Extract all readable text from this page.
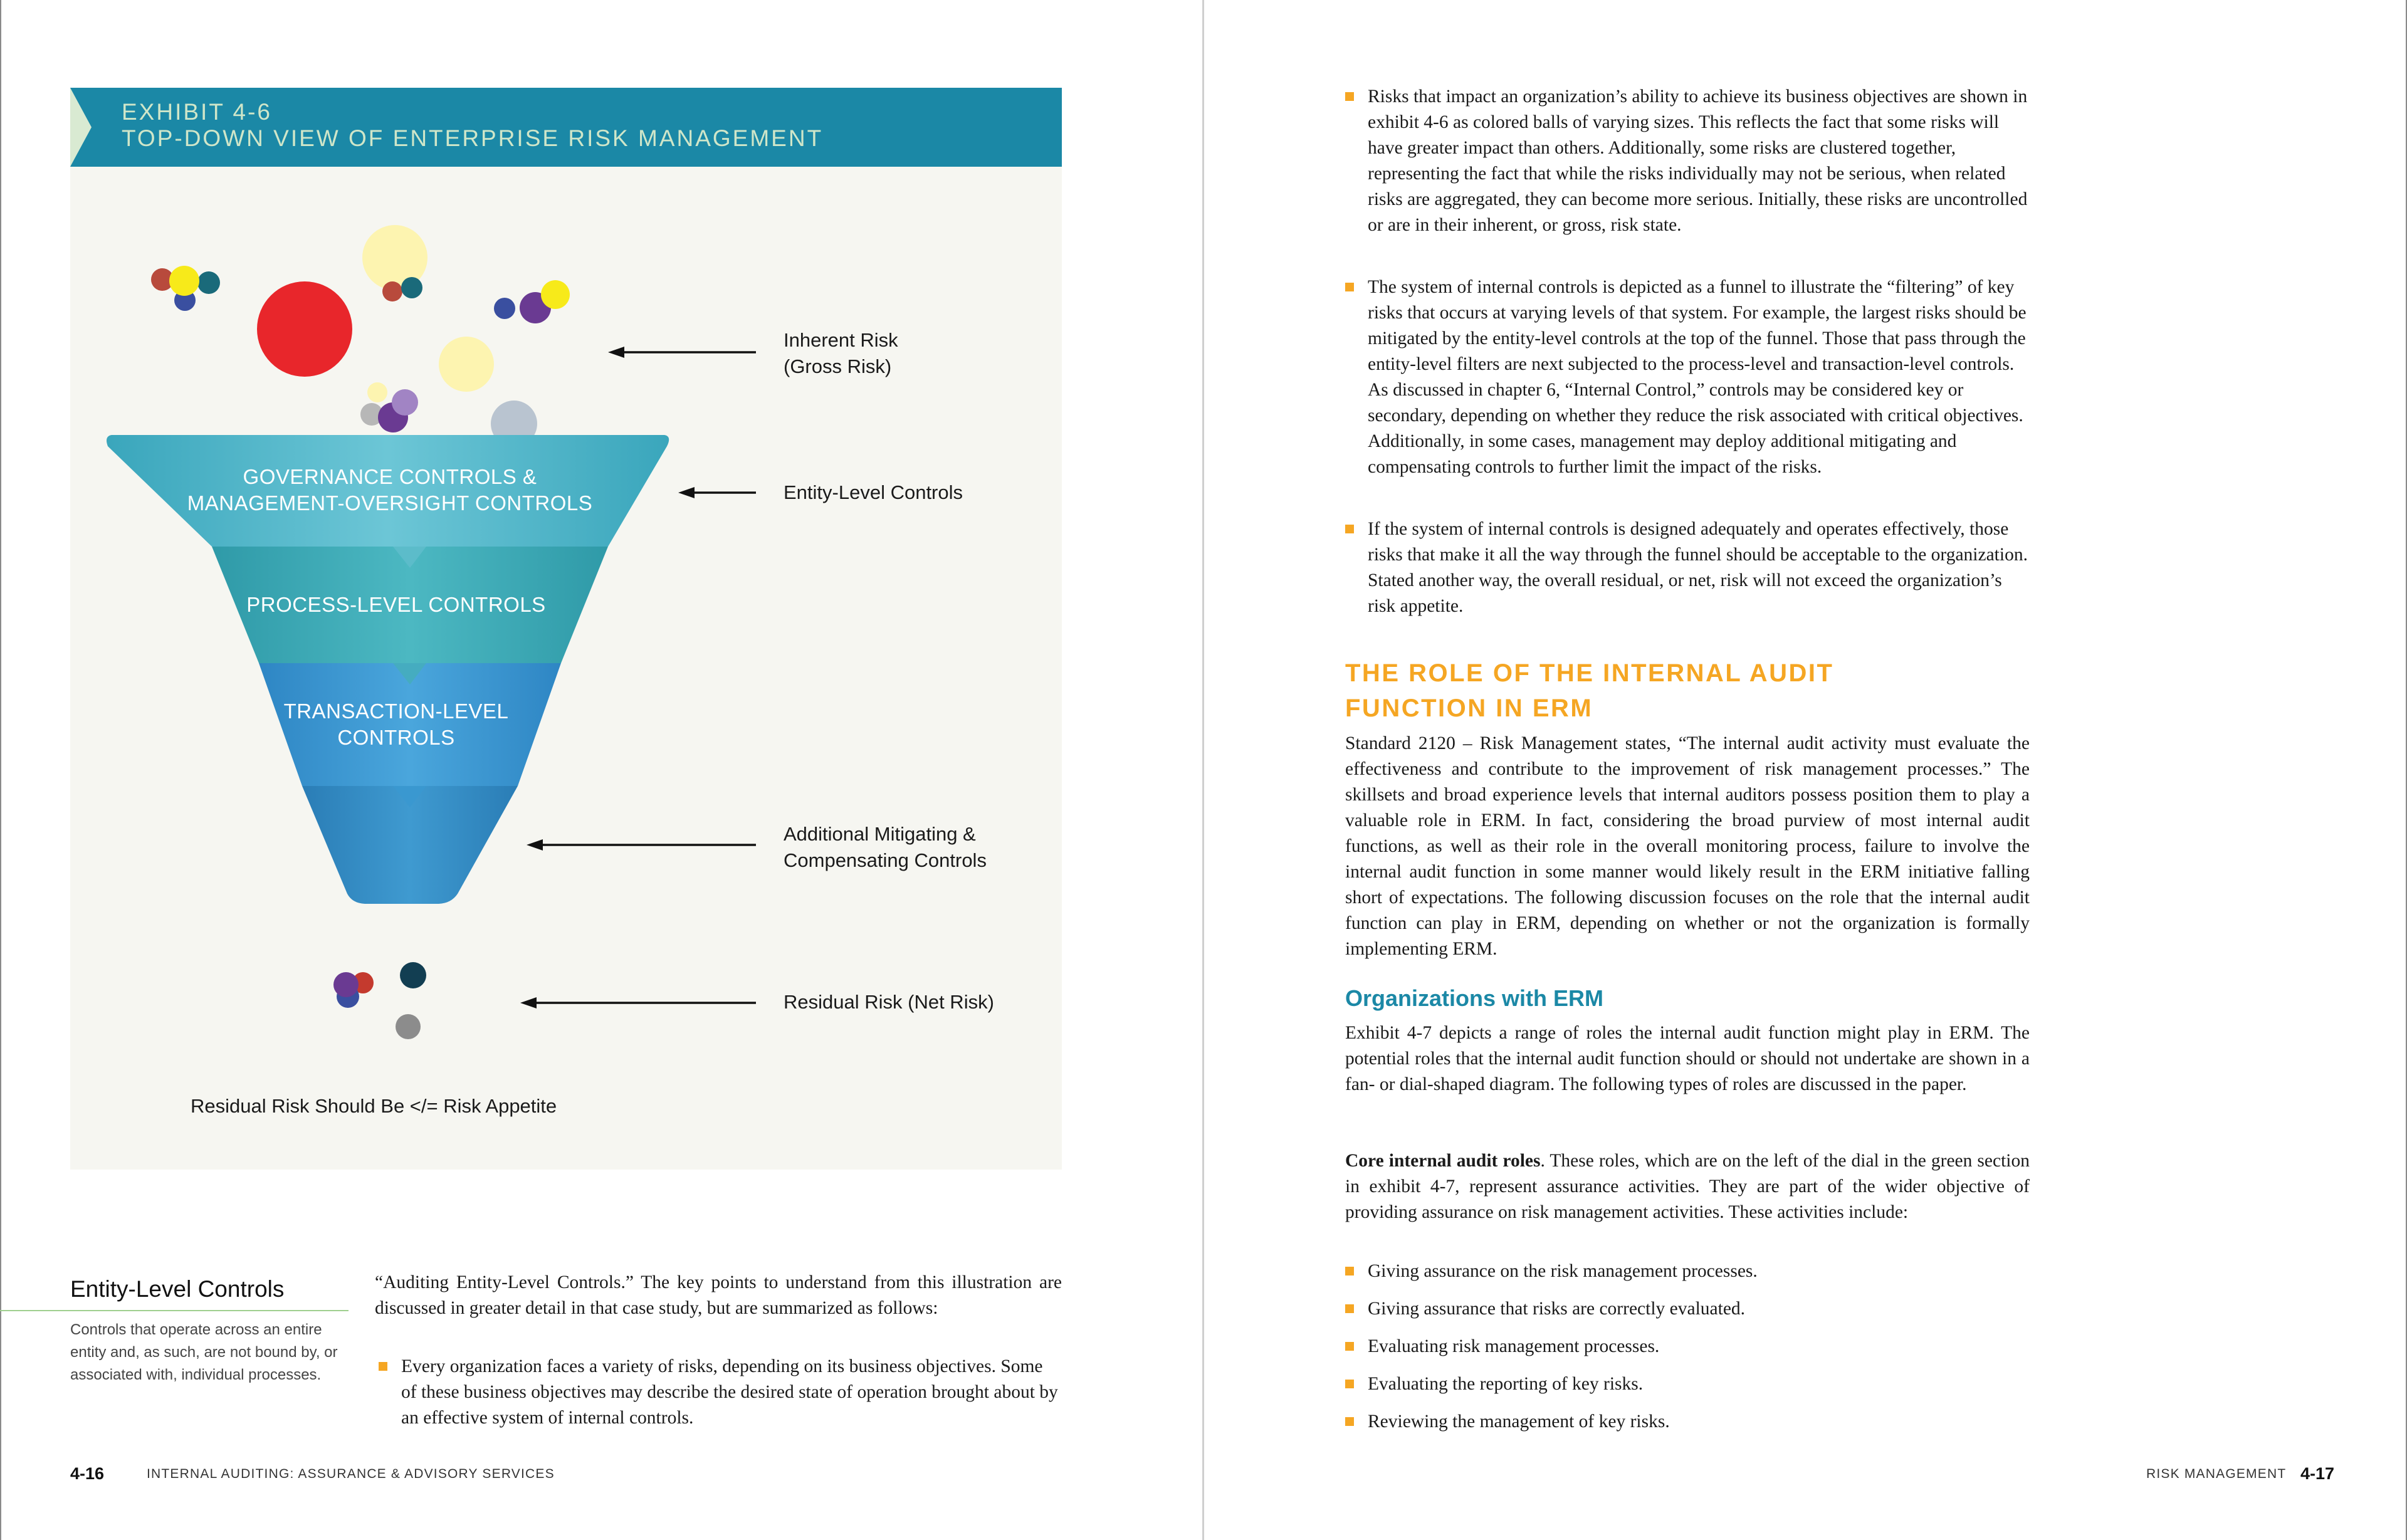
EXHIBIT 4-6
TOP-DOWN VIEW OF ENTERPRISE RISK MANAGEMENT
GOVERNANCE CONTROLS &
MANAGEMENT-OVERSIGHT CONTROLS
PROCESS-LEVEL CONTROLS
TRANSACTION-LEVEL
CONTROLS
Inherent Risk
(Gross Risk)
Entity-Level Controls
Additional Mitigating &
Compensating Controls
Residual Risk (Net Risk)
Residual Risk Should Be </= Risk Appetite
Entity-Level Controls
Controls that operate across an entire entity and, as such, are not bound by, or associated with, individual processes.
“Auditing Entity-Level Controls.” The key points to understand from this illustration are discussed in greater detail in that case study, but are summarized as follows:
Every organization faces a variety of risks, depending on its business objectives. Some of these business objectives may describe the desired state of operation brought about by an effective system of internal controls.
4-16	INTERNAL AUDITING: ASSURANCE & ADVISORY SERVICES
Risks that impact an organization’s ability to achieve its business objectives are shown in exhibit 4-6 as colored balls of varying sizes. This reflects the fact that some risks will have greater impact than others. Additionally, some risks are clustered together, representing the fact that while the risks individually may not be serious, when related risks are aggregated, they can become more serious. Initially, these risks are uncontrolled or are in their inherent, or gross, risk state.
The system of internal controls is depicted as a funnel to illustrate the “filtering” of key risks that occurs at varying levels of that system. For example, the largest risks should be mitigated by the entity-level controls at the top of the funnel. Those that pass through the entity-level filters are next subjected to the process-level and transaction-level controls. As discussed in chapter 6, “Internal Control,” controls may be considered key or secondary, depending on whether they reduce the risk associated with critical objectives. Additionally, in some cases, management may deploy additional mitigating and compensating controls to further limit the impact of the risks.
If the system of internal controls is designed adequately and operates effectively, those risks that make it all the way through the funnel should be acceptable to the organization. Stated another way, the overall residual, or net, risk will not exceed the organization’s risk appetite.
THE ROLE OF THE INTERNAL AUDIT
FUNCTION IN ERM
Standard 2120 – Risk Management states, “The internal audit activity must evaluate the effectiveness and contribute to the improvement of risk management processes.” The skillsets and broad experience levels that internal auditors possess position them to play a valuable role in ERM. In fact, considering the broad purview of most internal audit functions, as well as their role in the overall monitoring process, failure to involve the internal audit function in some manner would likely result in the ERM initiative falling short of expectations. The following discussion focuses on the role that the internal audit function can play in ERM, depending on whether or not the organization is formally implementing ERM.
Organizations with ERM
Exhibit 4-7 depicts a range of roles the internal audit function might play in ERM. The potential roles that the internal audit function should or should not undertake are shown in a fan- or dial-shaped diagram. The following types of roles are discussed in the paper.
Core internal audit roles. These roles, which are on the left of the dial in the green section in exhibit 4-7, represent assurance activities. They are part of the wider objective of providing assurance on risk management activities. These activities include:
Giving assurance on the risk management processes.
Giving assurance that risks are correctly evaluated.
Evaluating risk management processes.
Evaluating the reporting of key risks.
Reviewing the management of key risks.
RISK MANAGEMENT 4-17
